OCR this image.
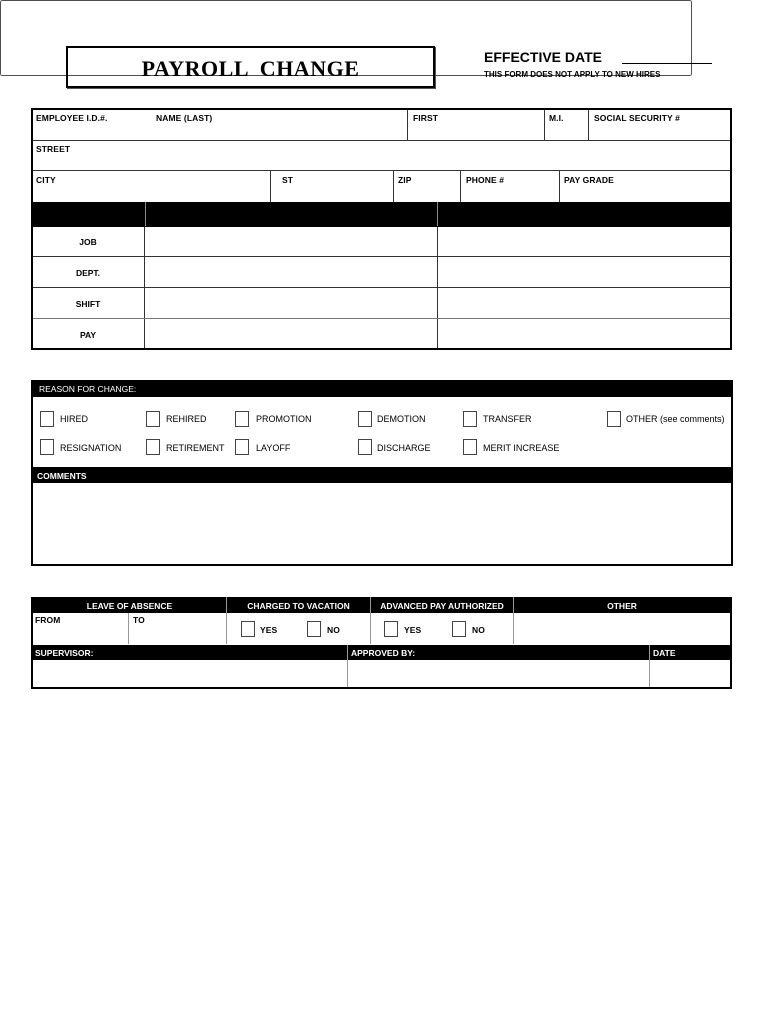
PAYROLL CHANGE	EFFECTIVE DATE
THIS FORM DOES NOT APPLY TO NEW HIRES
EMPLOYEE I.D.#.	NAME (LAST)	FIRST	M.I.	SOCIAL SECURITY #
STREET
CITY	ST	ZIP	PHONE #	PAY GRADE
CHANGE	FROM	TO
JOB
DEPT.
SHIFT
PAY
REASON FOR CHANGE:
HIRED	REHIRED	PROMOTION	DEMOTION	TRANSFER	OTHER (see comments)
RESIGNATION	RETIREMENT	LAYOFF	DISCHARGE	MERIT INCREASE
COMMENTS
LEAVE OF ABSENCE	CHARGED TO VACATION	ADVANCED PAY AUTHORIZED	OTHER
FROM	TO
YES	NO	YES	NO
SUPERVISOR:	APPROVED BY:	DATE
